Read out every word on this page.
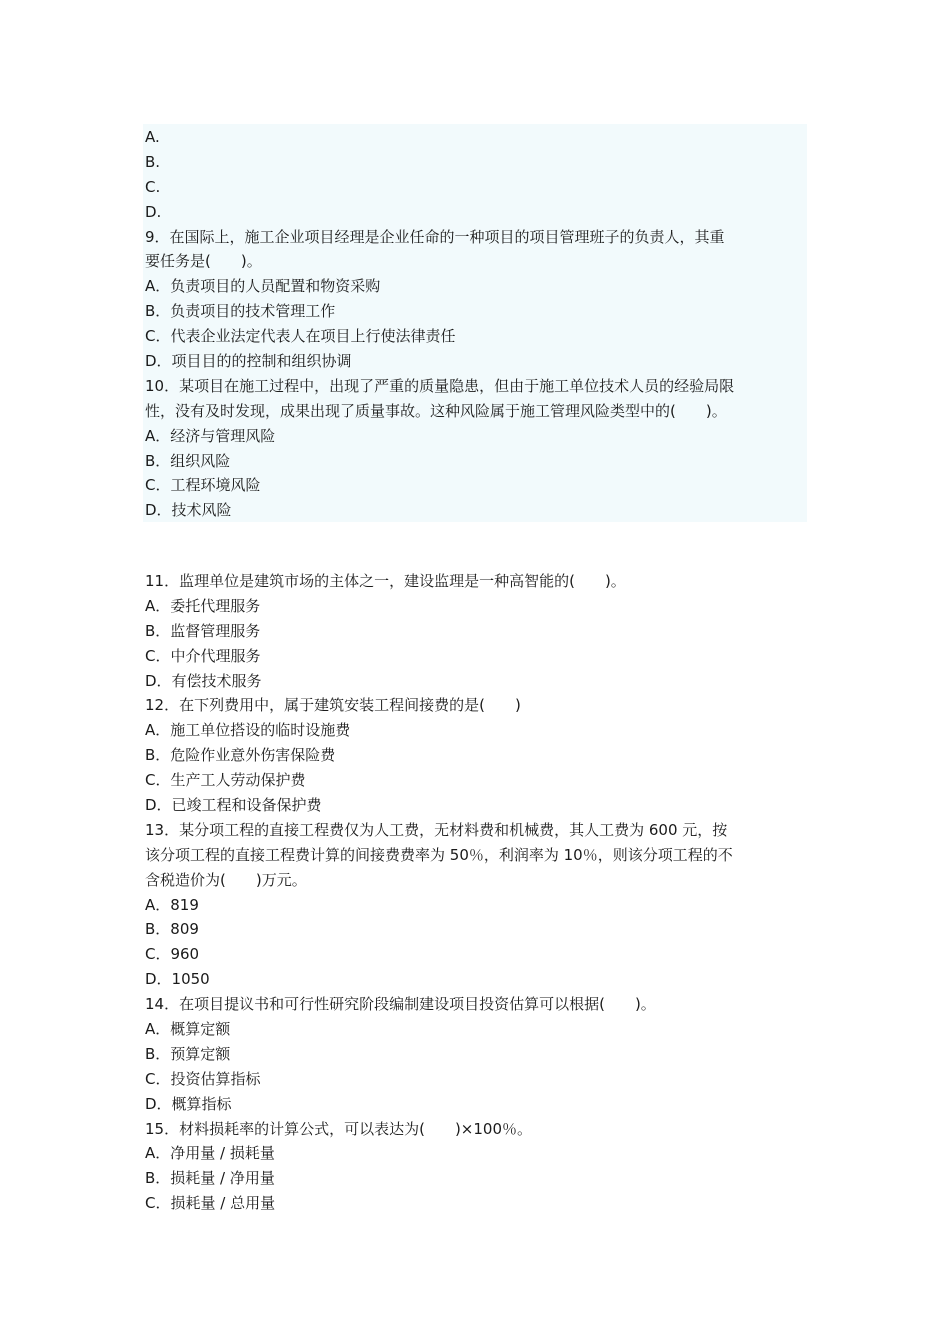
A.
B.
C.
D.
9．在国际上，施工企业项目经理是企业任命的一种项目的项目管理班子的负责人，其重
要任务是(　　)。
A．负责项目的人员配置和物资采购
B．负责项目的技术管理工作
C．代表企业法定代表人在项目上行使法律责任
D．项目目的的控制和组织协调
10．某项目在施工过程中，出现了严重的质量隐患，但由于施工单位技术人员的经验局限
性，没有及时发现，成果出现了质量事故。这种风险属于施工管理风险类型中的(　　)。
A．经济与管理风险
B．组织风险
C．工程环境风险
D．技术风险
11．监理单位是建筑市场的主体之一，建设监理是一种高智能的(　　)。
A．委托代理服务
B．监督管理服务
C．中介代理服务
D．有偿技术服务
12．在下列费用中，属于建筑安装工程间接费的是(　　)
A．施工单位搭设的临时设施费
B．危险作业意外伤害保险费
C．生产工人劳动保护费
D．已竣工程和设备保护费
13．某分项工程的直接工程费仅为人工费，无材料费和机械费，其人工费为 600 元，按
该分项工程的直接工程费计算的间接费费率为 50％，利润率为 10％，则该分项工程的不
含税造价为(　　)万元。
A．819
B．809
C．960
D．1050
14．在项目提议书和可行性研究阶段编制建设项目投资估算可以根据(　　)。
A．概算定额
B．预算定额
C．投资估算指标
D．概算指标
15．材料损耗率的计算公式，可以表达为(　　)×100％。
A．净用量 / 损耗量
B．损耗量 / 净用量
C．损耗量 / 总用量
